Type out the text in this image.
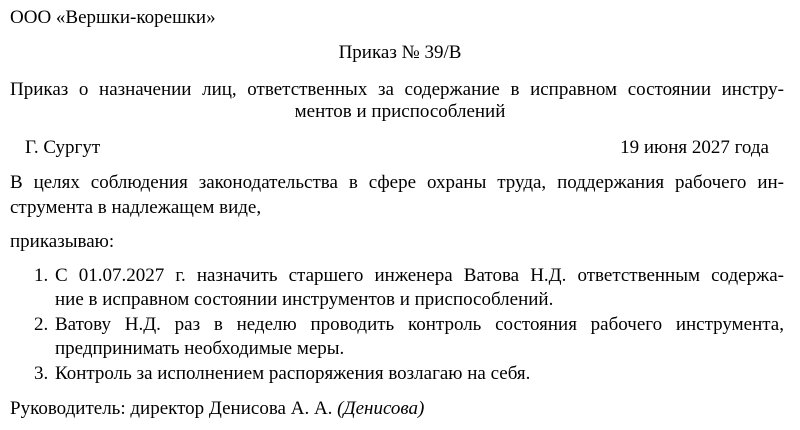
ООО «Вершки-корешки»
Приказ № 39/В
Приказ о назначении лиц, ответственных за содержание в исправном состоянии инстру-
ментов и приспособлений
Г. Сургут	19 июня 2027 года
В целях соблюдения законодательства в сфере охраны труда, поддержания рабочего ин-
струмента в надлежащем виде,
приказываю:
1. С 01.07.2027 г. назначить старшего инженера Ватова Н.Д. ответственным содержа-
ние в исправном состоянии инструментов и приспособлений.
2. Ватову Н.Д. раз в неделю проводить контроль состояния рабочего инструмента,
предпринимать необходимые меры.
3. Контроль за исполнением распоряжения возлагаю на себя.
Руководитель: директор Денисова А. А. (Денисова)
